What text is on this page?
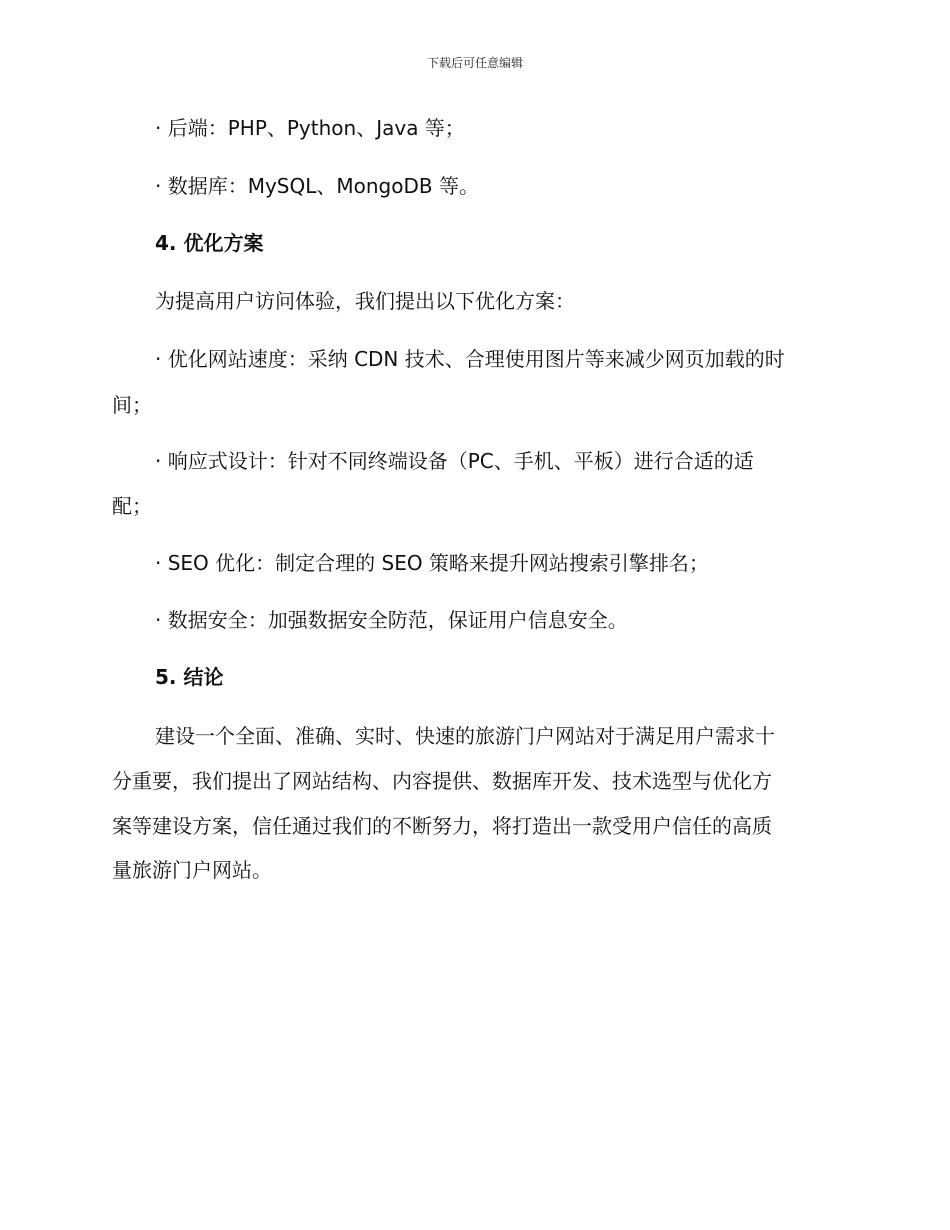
下载后可任意编辑
· 后端：PHP、Python、Java 等；
· 数据库：MySQL、MongoDB 等。
4. 优化方案
为提高用户访问体验，我们提出以下优化方案：
· 优化网站速度：采纳 CDN 技术、合理使用图片等来减少网页加载的时
间；
· 响应式设计：针对不同终端设备（PC、手机、平板）进行合适的适
配；
· SEO 优化：制定合理的 SEO 策略来提升网站搜索引擎排名；
· 数据安全：加强数据安全防范，保证用户信息安全。
5. 结论
建设一个全面、准确、实时、快速的旅游门户网站对于满足用户需求十
分重要，我们提出了网站结构、内容提供、数据库开发、技术选型与优化方
案等建设方案，信任通过我们的不断努力，将打造出一款受用户信任的高质
量旅游门户网站。
